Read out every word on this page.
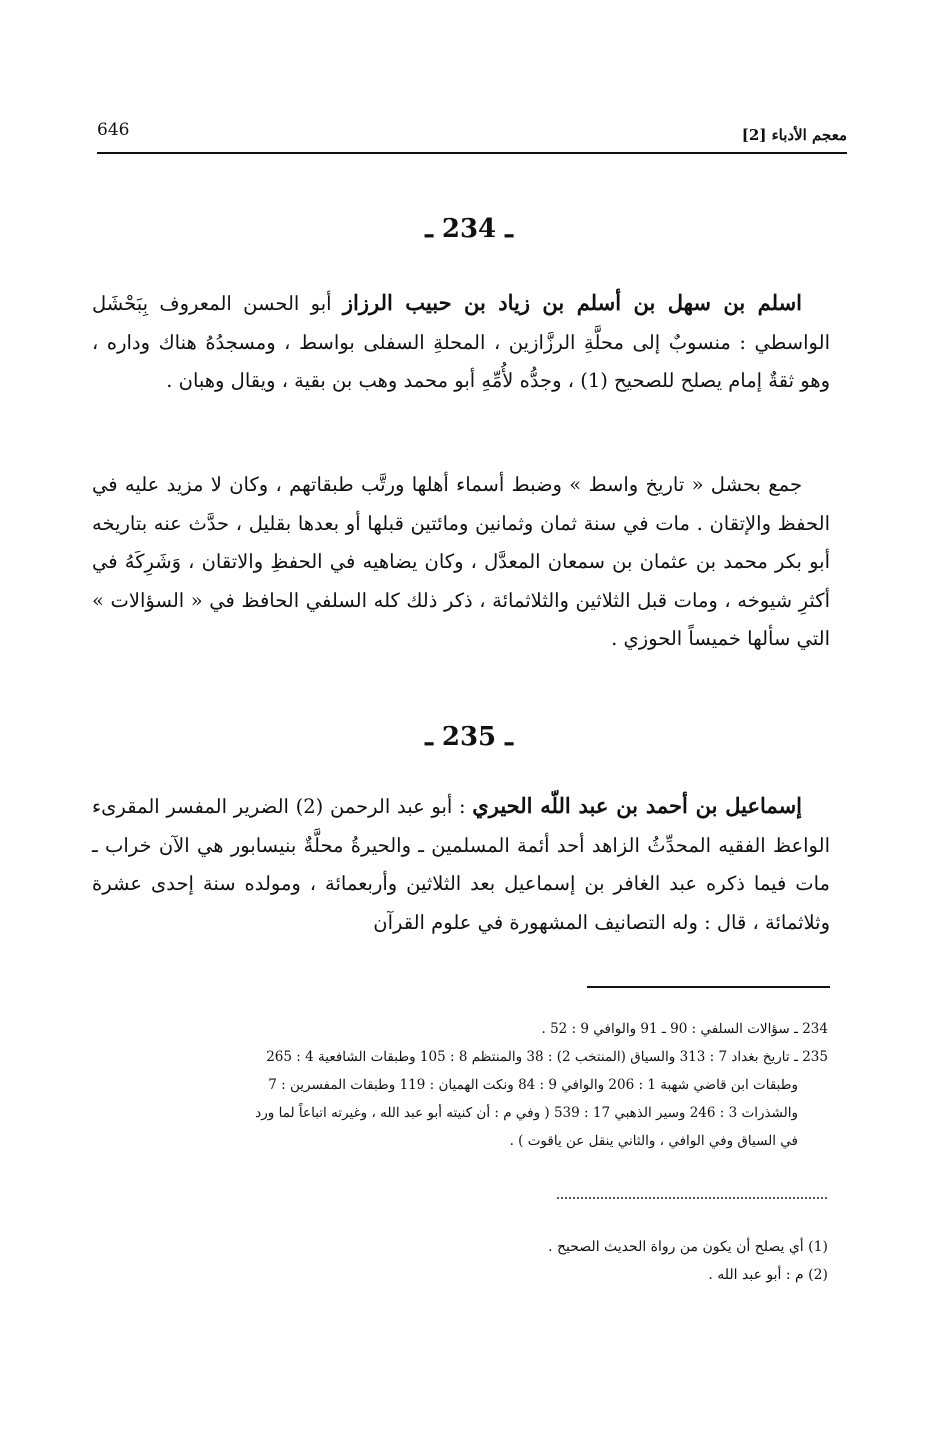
معجم الأدباء [2]
646
ـ 234 ـ

اسلم بن سهل بن أسلم بن زياد بن حبيب الرزاز أبو الحسن المعروف بِبَحْشَل الواسطي : منسوبٌ إلى محلَّةِ الرزَّازين ، المحلةِ السفلى بواسط ، ومسجدُهُ هناك وداره ، وهو ثقةٌ إمام يصلح للصحيح (1) ، وجدُّه لأُمِّهِ أبو محمد وهب بن بقية ، ويقال وهبان .

جمع بحشل « تاريخ واسط » وضبط أسماء أهلها ورتَّب طبقاتهم ، وكان لا مزيد عليه في الحفظ والإتقان . مات في سنة ثمان وثمانين ومائتين قبلها أو بعدها بقليل ، حدَّث عنه بتاريخه أبو بكر محمد بن عثمان بن سمعان المعدَّل ، وكان يضاهيه في الحفظِ والاتقان ، وَشَرِكَهُ في أكثرِ شيوخه ، ومات قبل الثلاثين والثلاثمائة ، ذكر ذلك كله السلفي الحافظ في « السؤالات » التي سألها خميساً الحوزي .

ـ 235 ـ

إسماعيل بن أحمد بن عبد اللّه الحيري : أبو عبد الرحمن (2) الضرير المفسر المقرىء الواعظ الفقيه المحدِّثُ الزاهد أحد أئمة المسلمين ـ والحيرةُ محلَّةٌ بنيسابور هي الآن خراب ـ مات فيما ذكره عبد الغافر بن إسماعيل بعد الثلاثين وأربعمائة ، ومولده سنة إحدى عشرة وثلاثمائة ، قال : وله التصانيف المشهورة في علوم القرآن

234 ـ سؤالات السلفي : 90 ـ 91 والوافي 9 : 52 .
235 ـ تاريخ بغداد 7 : 313 والسياق (المنتخب 2) : 38 والمنتظم 8 : 105 وطبقات الشافعية 4 : 265
وطبقات ابن قاضي شهبة 1 : 206 والوافي 9 : 84 ونكت الهميان : 119 وطبقات المفسرين : 7
والشذرات 3 : 246 وسير الذهبي 17 : 539 ( وفي م : أن كنيته أبو عبد الله ، وغيرته اتباعاً لما ورد
في السياق وفي الوافي ، والثاني ينقل عن ياقوت ) .
(1) أي يصلح أن يكون من رواة الحديث الصحيح .
(2) م : أبو عبد الله .
